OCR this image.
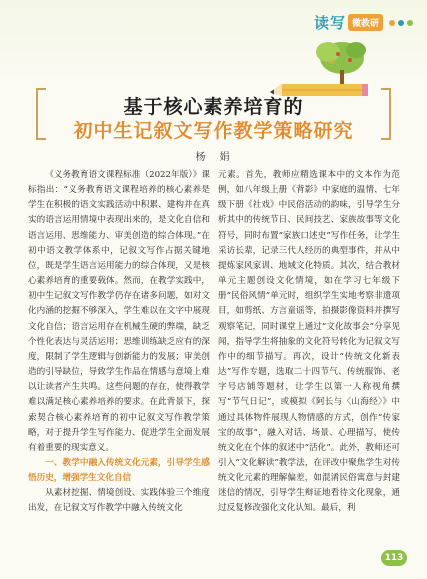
读写 微教研
基于核心素养培育的
初中生记叙文写作教学策略研究
杨　娟

《义务教育语文课程标准（2022年版）》课标指出：“义务教育语文课程培养的核心素养是学生在积极的语文实践活动中积累、建构并在真实的语言运用情境中表现出来的，是文化自信和语言运用、思维能力、审美创造的综合体现。”在初中语文教学体系中，记叙文写作占据关键地位，既是学生语言运用能力的综合体现，又是核心素养培育的重要载体。然而，在教学实践中，初中生记叙文写作教学仍存在诸多问题，如对文化内涵的挖掘不够深入，学生难以在文字中展现文化自信；语言运用存在机械生硬的弊端，缺乏个性化表达与灵活运用；思维训练缺乏应有的深度，限制了学生逻辑与创新能力的发展；审美创造的引导缺位，导致学生作品在情感与意境上难以让读者产生共鸣。这些问题的存在，使得教学难以满足核心素养培养的要求。在此背景下，探索契合核心素养培育的初中记叙文写作教学策略，对于提升学生写作能力、促进学生全面发展有着重要的现实意义。

一、教学中融入传统文化元素，引导学生感悟历史，增强学生文化自信

从素材挖掘、情境创设、实践体验三个维度出发，在记叙文写作教学中融入传统文化

元素。首先，教师应精选课本中的文本作为范例，如八年级上册《背影》中家庭的温情、七年级下册《社戏》中民俗活动的韵味，引导学生分析其中的传统节日、民间技艺、家族故事等文化符号，同时布置“家族口述史”写作任务，让学生采访长辈，记录三代人经历的典型事件，并从中提炼家风家训、地域文化特质。其次，结合教材单元主题创设文化情境，如在学习七年级下册“民俗风情”单元时，组织学生实地考察非遗项目，如剪纸、方言童谣等，拍摄影像资料并撰写观察笔记，同时课堂上通过“文化故事会”分享见闻，指导学生将抽象的文化符号转化为记叙文写作中的细节描写。再次，设计“传统文化新表达”写作专题，选取二十四节气、传统服饰、老字号店铺等题材，让学生以第一人称视角撰写“节气日记”，或模拟《阿长与〈山海经〉》中通过具体物件展现人物情感的方式，创作“传家宝的故事”，融入对话、场景、心理描写，使传统文化在个体的叙述中“活化”。此外，教师还可引入“文化解读”教学法，在评改中聚焦学生对传统文化元素的理解偏差，如混淆民俗寓意与封建迷信的情况，引导学生辩证地看待文化现象，通过反复修改强化文化认知。最后，利

113
